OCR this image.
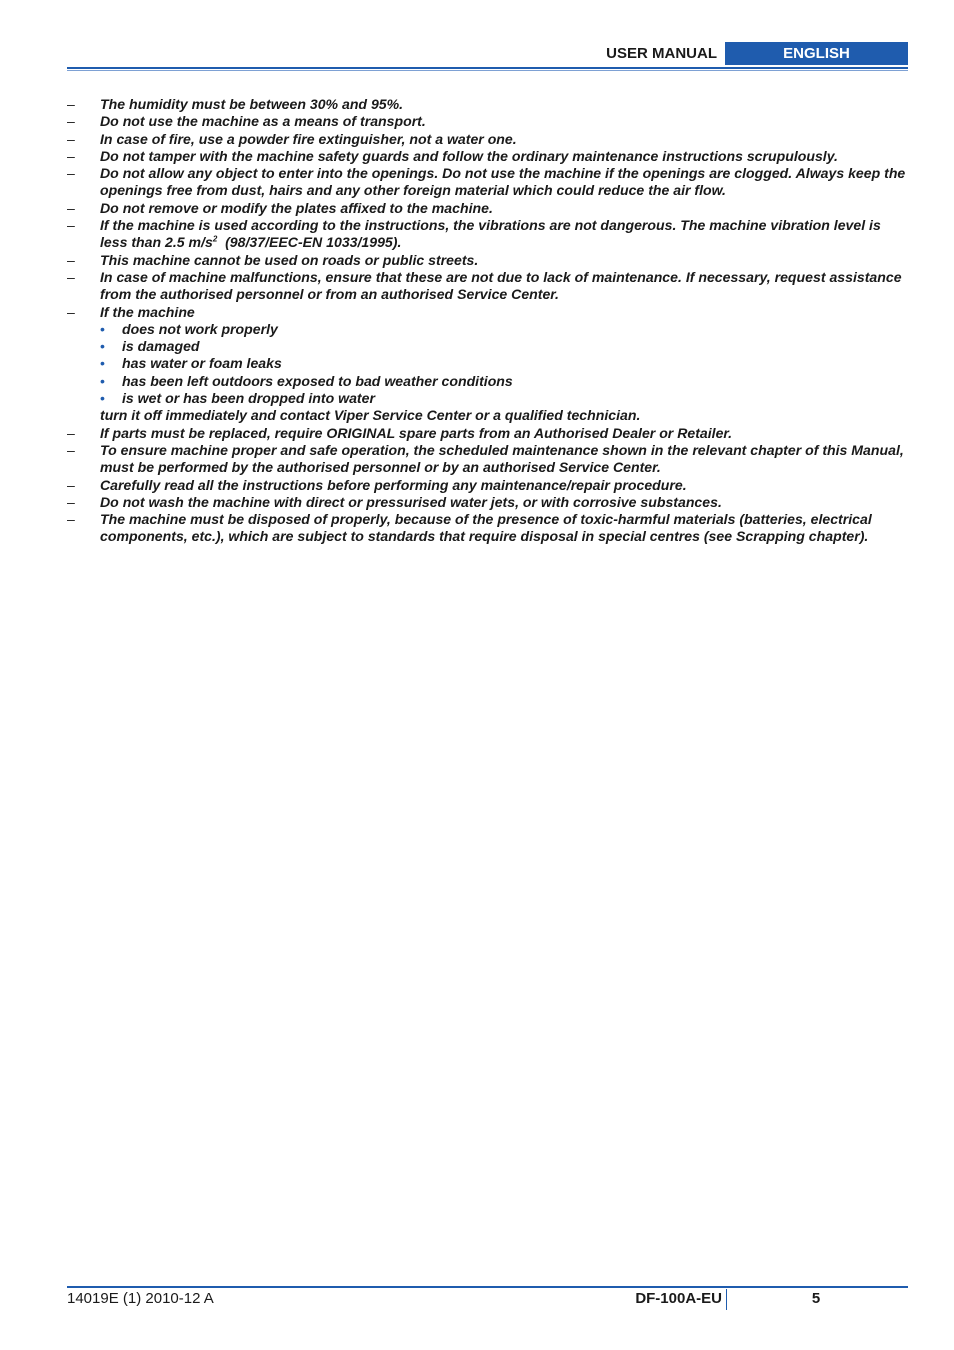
USER MANUAL	ENGLISH
– The humidity must be between 30% and 95%.
– Do not use the machine as a means of transport.
– In case of fire, use a powder fire extinguisher, not a water one.
– Do not tamper with the machine safety guards and follow the ordinary maintenance instructions scrupulously.
– Do not allow any object to enter into the openings. Do not use the machine if the openings are clogged. Always keep the openings free from dust, hairs and any other foreign material which could reduce the air flow.
– Do not remove or modify the plates affixed to the machine.
– If the machine is used according to the instructions, the vibrations are not dangerous. The machine vibration level is less than 2.5 $m/s^2$  (98/37/EEC-EN 1033/1995).
– This machine cannot be used on roads or public streets.
– In case of machine malfunctions, ensure that these are not due to lack of maintenance. If necessary, request assistance from the authorised personnel or from an authorised Service Center.
– If the machine
• does not work properly
• is damaged
• has water or foam leaks
• has been left outdoors exposed to bad weather conditions
• is wet or has been dropped into water
turn it off immediately and contact Viper Service Center or a qualified technician.
– If parts must be replaced, require ORIGINAL spare parts from an Authorised Dealer or Retailer.
– To ensure machine proper and safe operation, the scheduled maintenance shown in the relevant chapter of this Manual, must be performed by the authorised personnel or by an authorised Service Center.
– Carefully read all the instructions before performing any maintenance/repair procedure.
– Do not wash the machine with direct or pressurised water jets, or with corrosive substances.
– The machine must be disposed of properly, because of the presence of toxic-harmful materials (batteries, electrical components, etc.), which are subject to standards that require disposal in special centres (see Scrapping chapter).
14019E (1) 2010-12 A	DF-100A-EU	5
